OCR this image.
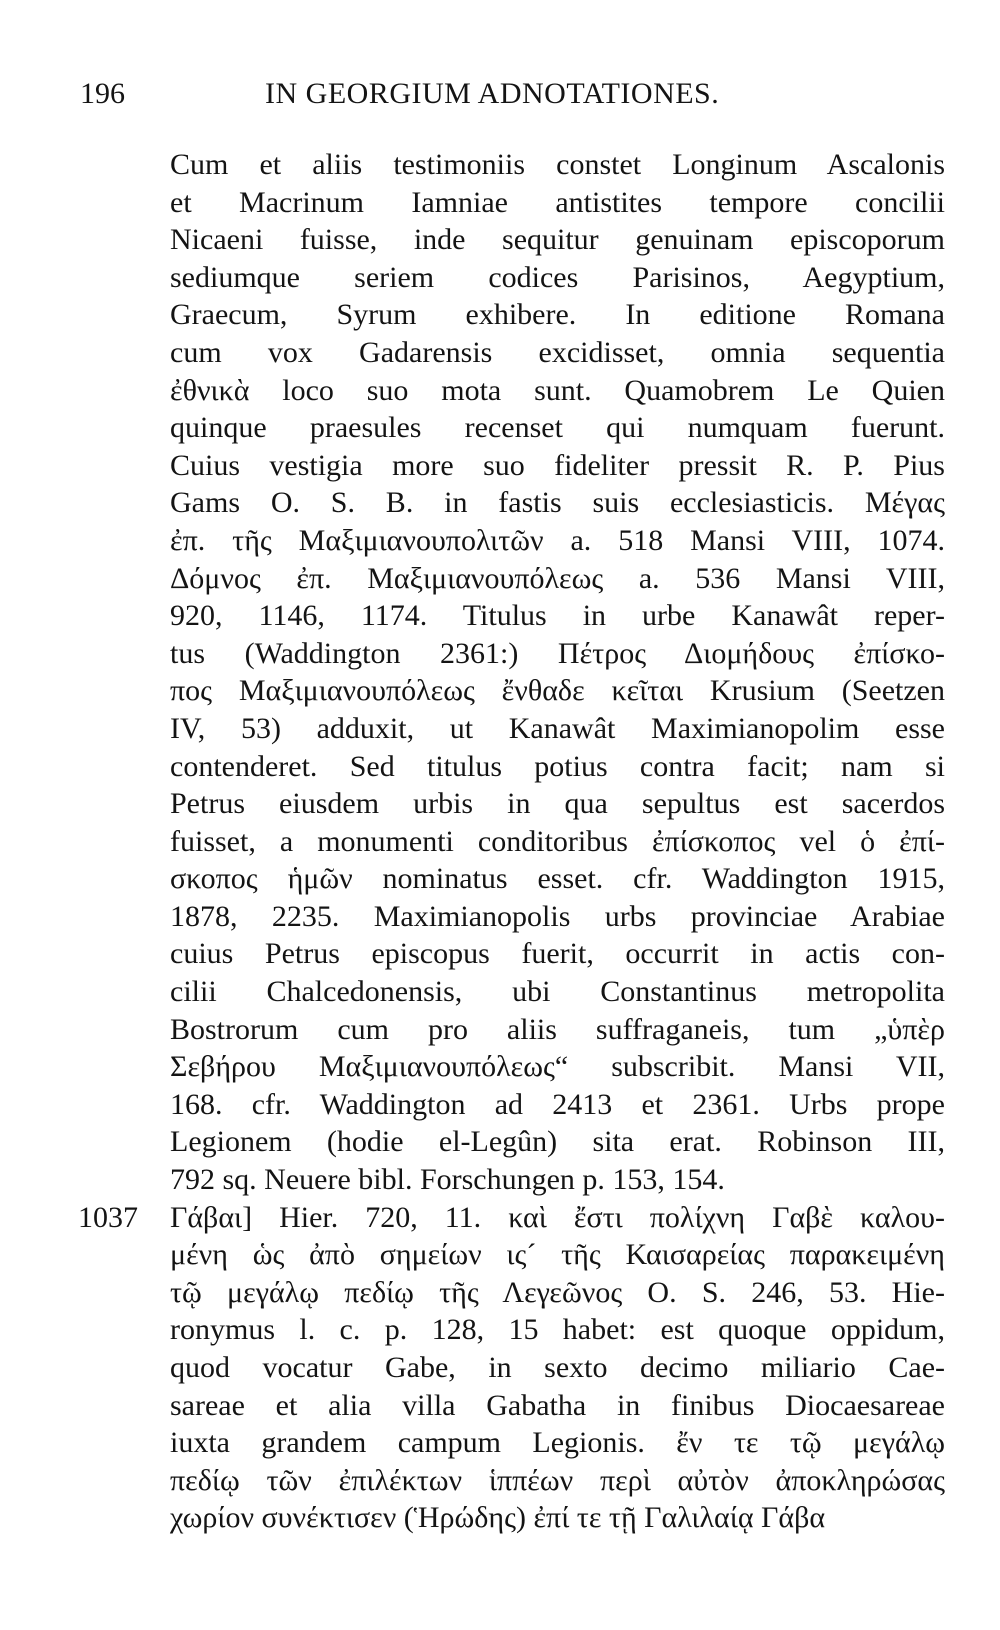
196	IN GEORGIUM ADNOTATIONES.
Cum et aliis testimoniis constet Longinum Ascalonis
et Macrinum Iamniae antistites tempore concilii
Nicaeni fuisse, inde sequitur genuinam episcoporum
sediumque seriem codices Parisinos, Aegyptium,
Graecum, Syrum exhibere. In editione Romana
cum vox Gadarensis excidisset, omnia sequentia
ἐθνικὰ loco suo mota sunt. Quamobrem Le Quien
quinque praesules recenset qui numquam fuerunt.
Cuius vestigia more suo fideliter pressit R. P. Pius
Gams O. S. B. in fastis suis ecclesiasticis. Μέγας
ἐπ. τῆς Μαξιμιανουπολιτῶν a. 518 Mansi VIII, 1074.
Δόμνος ἐπ. Μαξιμιανουπόλεως a. 536 Mansi VIII,
920, 1146, 1174. Titulus in urbe Kanawât reper-
tus (Waddington 2361:) Πέτρος Διομήδους ἐπίσκο-
πος Μαξιμιανουπόλεως ἔνθαδε κεῖται Krusium (Seetzen
IV, 53) adduxit, ut Kanawât Maximianopolim esse
contenderet. Sed titulus potius contra facit; nam si
Petrus eiusdem urbis in qua sepultus est sacerdos
fuisset, a monumenti conditoribus ἐπίσκοπος vel ὁ ἐπί-
σκοπος ἡμῶν nominatus esset. cfr. Waddington 1915,
1878, 2235. Maximianopolis urbs provinciae Arabiae
cuius Petrus episcopus fuerit, occurrit in actis con-
cilii Chalcedonensis, ubi Constantinus metropolita
Bostrorum cum pro aliis suffraganeis, tum „ὑπὲρ
Σεβήρου Μαξιμιανουπόλεως“ subscribit. Mansi VII,
168. cfr. Waddington ad 2413 et 2361. Urbs prope
Legionem (hodie el-Legûn) sita erat. Robinson III,
792 sq. Neuere bibl. Forschungen p. 153, 154.
1037 Γάβαι] Hier. 720, 11. καὶ ἔστι πολίχνη Γαβὲ καλου-
μένη ὡς ἀπὸ σημείων ις´ τῆς Καισαρείας παρακειμένη
τῷ μεγάλῳ πεδίῳ τῆς Λεγεῶνος O. S. 246, 53. Hie-
ronymus l. c. p. 128, 15 habet: est quoque oppidum,
quod vocatur Gabe, in sexto decimo miliario Cae-
sareae et alia villa Gabatha in finibus Diocaesareae
iuxta grandem campum Legionis. ἔν τε τῷ μεγάλῳ
πεδίῳ τῶν ἐπιλέκτων ἱππέων περὶ αὐτὸν ἀποκληρώσας
χωρίον συνέκτισεν (Ἡρώδης) ἐπί τε τῇ Γαλιλαίᾳ Γάβα
